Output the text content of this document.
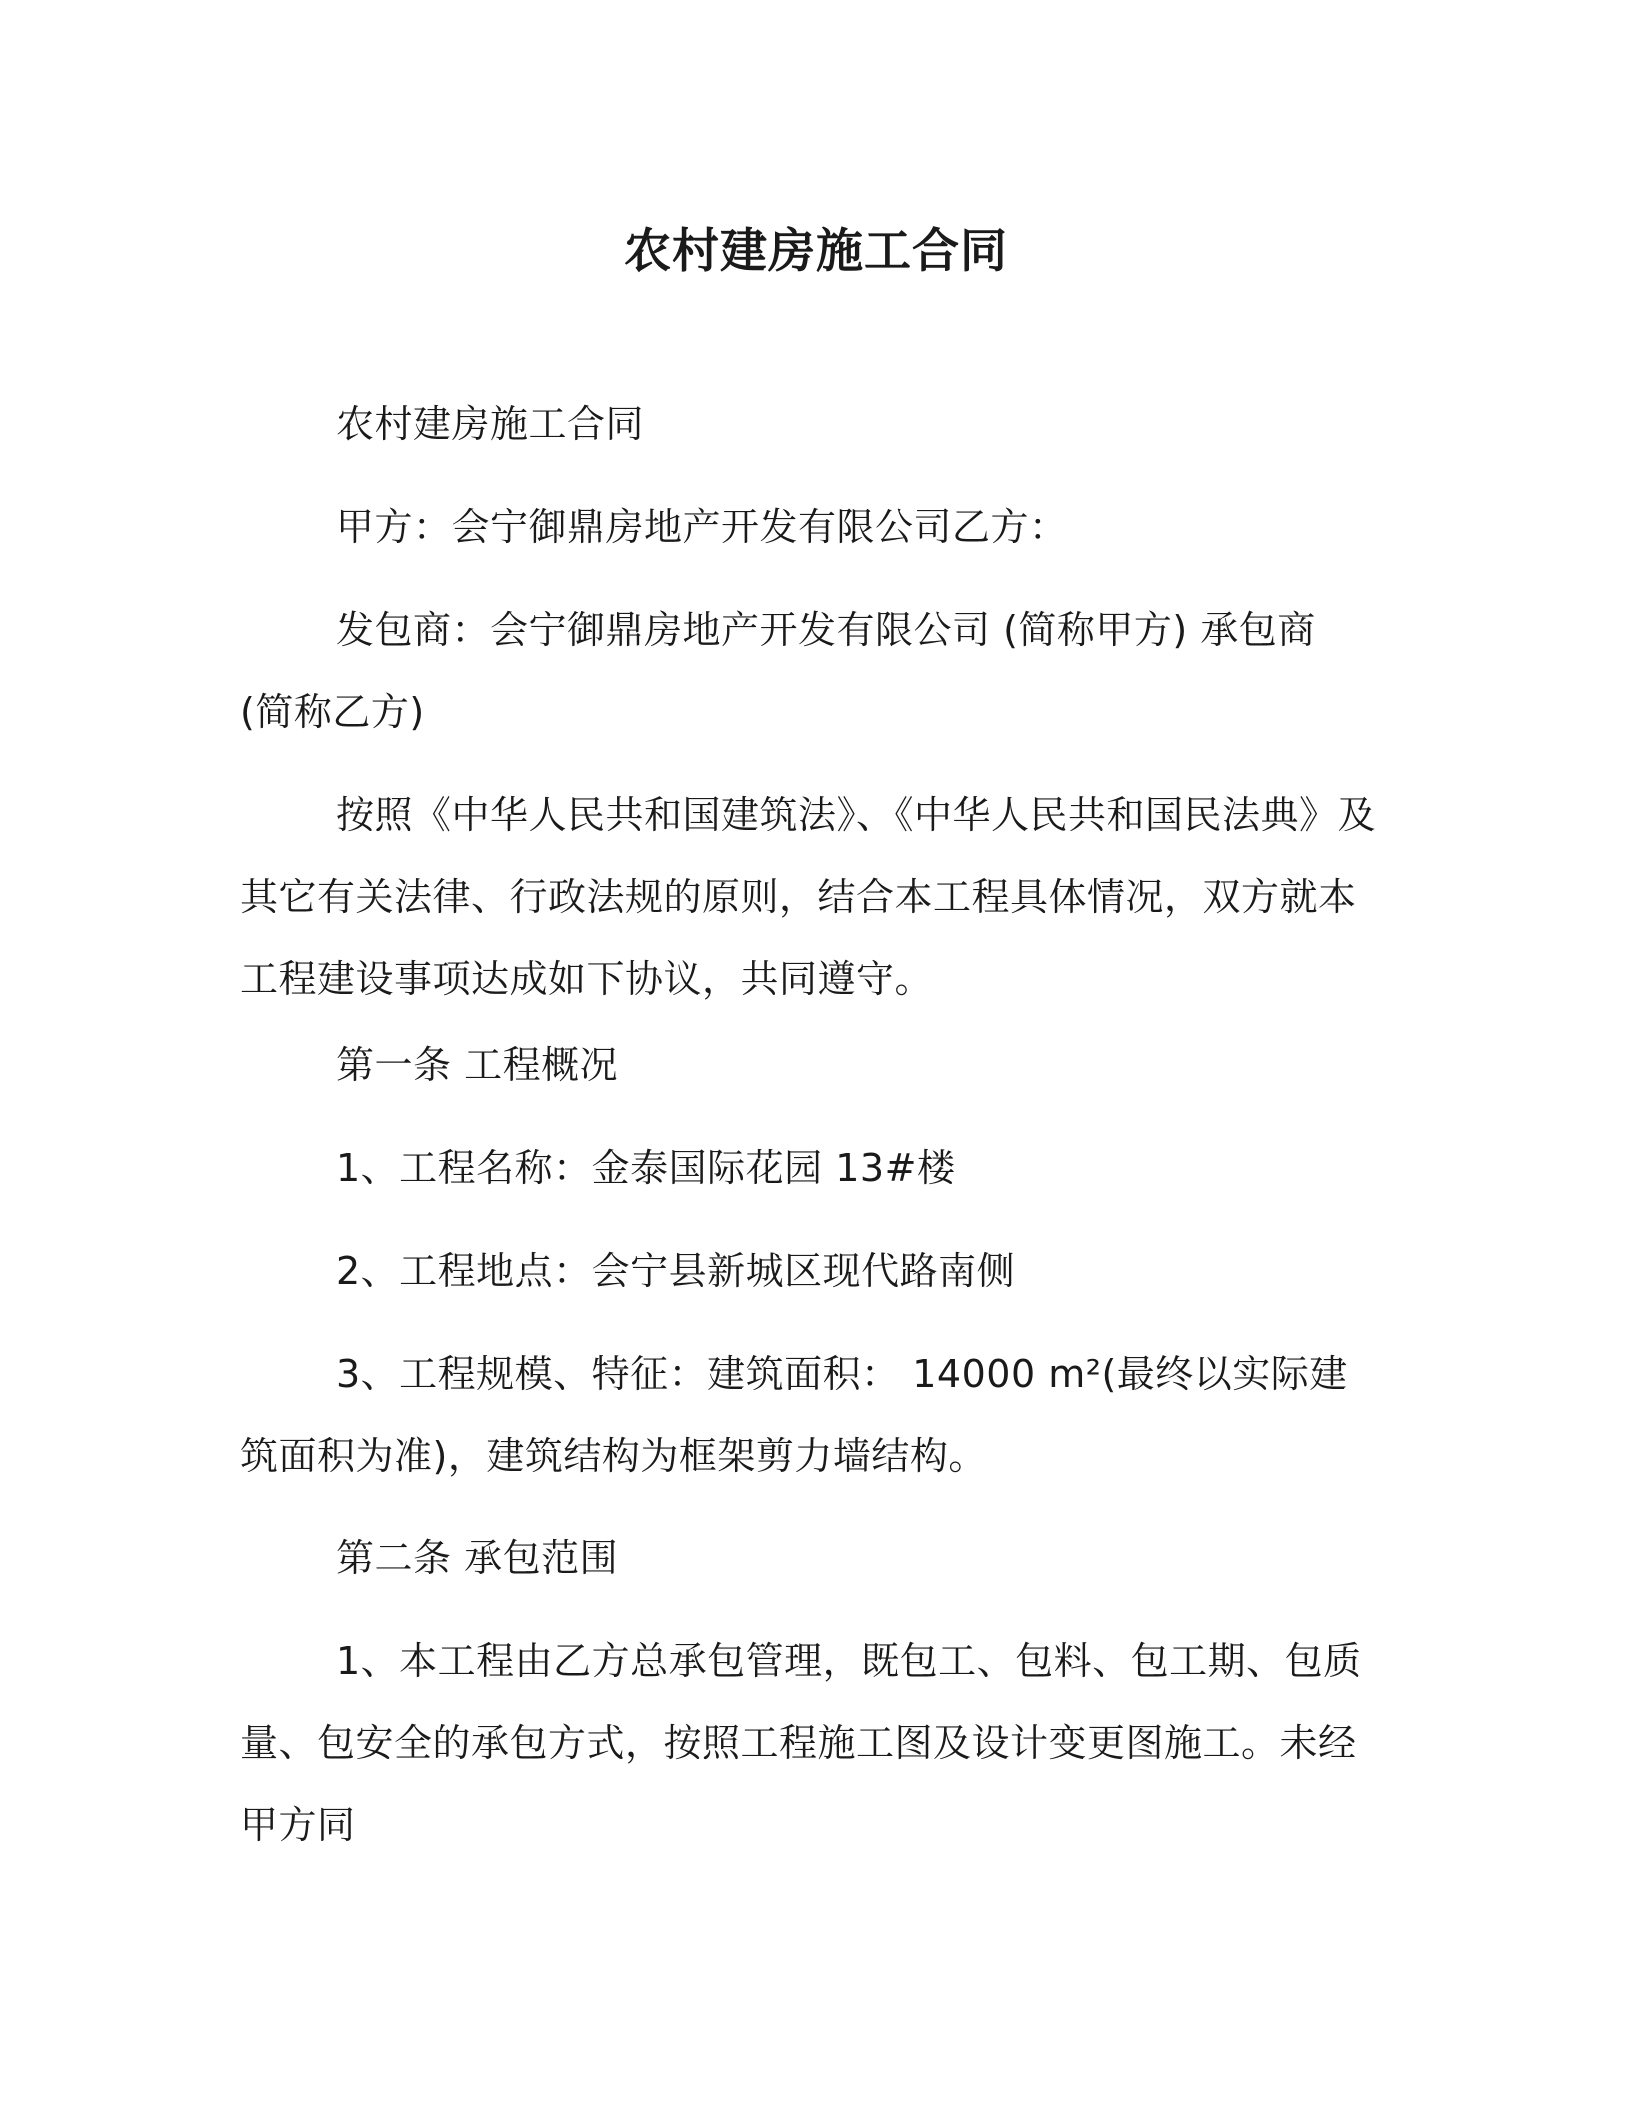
农村建房施工合同

农村建房施工合同

甲方：会宁御鼎房地产开发有限公司乙方：

发包商：会宁御鼎房地产开发有限公司 (简称甲方) 承包商 (简称乙方)

按照《中华人民共和国建筑法》、《中华人民共和国民法典》及其它有关法律、行政法规的原则，结合本工程具体情况，双方就本工程建设事项达成如下协议，共同遵守。

第一条 工程概况

1、工程名称：金泰国际花园 13#楼

2、工程地点：会宁县新城区现代路南侧

3、工程规模、特征：建筑面积： 14000 m²(最终以实际建筑面积为准)，建筑结构为框架剪力墙结构。

第二条 承包范围

1、本工程由乙方总承包管理，既包工、包料、包工期、包质量、包安全的承包方式，按照工程施工图及设计变更图施工。未经甲方同
